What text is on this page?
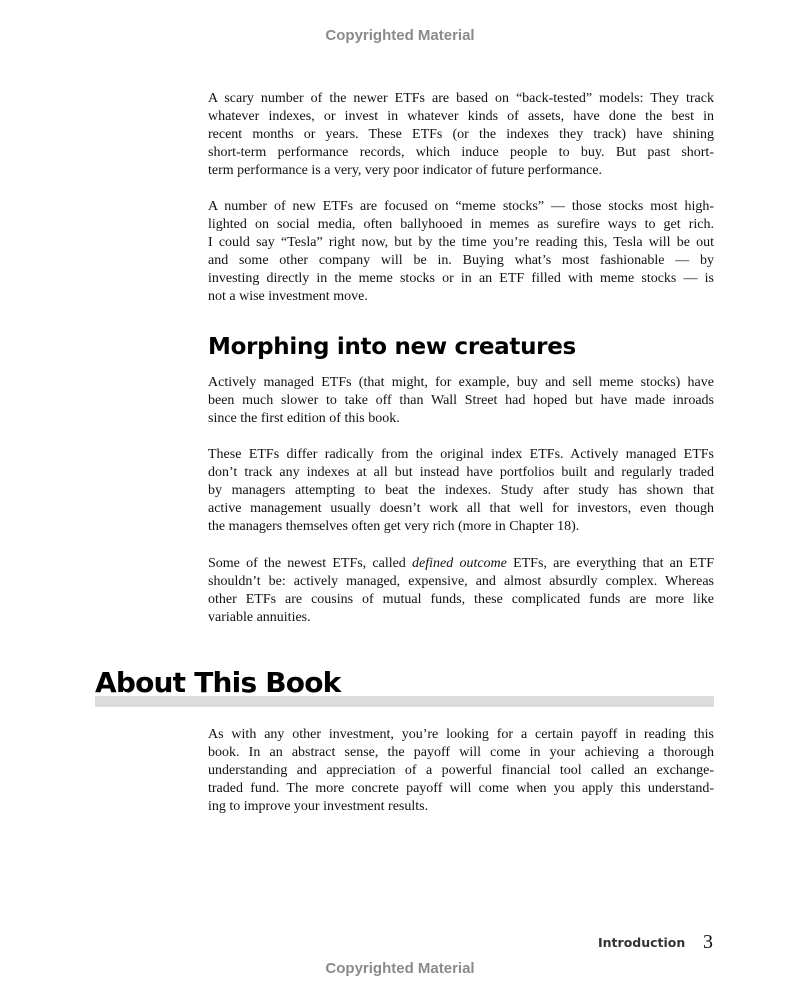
Copyrighted Material
A scary number of the newer ETFs are based on “back-tested” models: They track
whatever indexes, or invest in whatever kinds of assets, have done the best in
recent months or years. These ETFs (or the indexes they track) have shining
short-term performance records, which induce people to buy. But past short-
term performance is a very, very poor indicator of future performance.
A number of new ETFs are focused on “meme stocks” — those stocks most high-
lighted on social media, often ballyhooed in memes as surefire ways to get rich.
I could say “Tesla” right now, but by the time you’re reading this, Tesla will be out
and some other company will be in. Buying what’s most fashionable — by
investing directly in the meme stocks or in an ETF filled with meme stocks — is
not a wise investment move.
Morphing into new creatures
Actively managed ETFs (that might, for example, buy and sell meme stocks) have
been much slower to take off than Wall Street had hoped but have made inroads
since the first edition of this book.
These ETFs differ radically from the original index ETFs. Actively managed ETFs
don’t track any indexes at all but instead have portfolios built and regularly traded
by managers attempting to beat the indexes. Study after study has shown that
active management usually doesn’t work all that well for investors, even though
the managers themselves often get very rich (more in Chapter 18).
Some of the newest ETFs, called defined outcome ETFs, are everything that an ETF
shouldn’t be: actively managed, expensive, and almost absurdly complex. Whereas
other ETFs are cousins of mutual funds, these complicated funds are more like
variable annuities.
About This Book
As with any other investment, you’re looking for a certain payoff in reading this
book. In an abstract sense, the payoff will come in your achieving a thorough
understanding and appreciation of a powerful financial tool called an exchange-
traded fund. The more concrete payoff will come when you apply this understand-
ing to improve your investment results.
Introduction 3
Copyrighted Material
